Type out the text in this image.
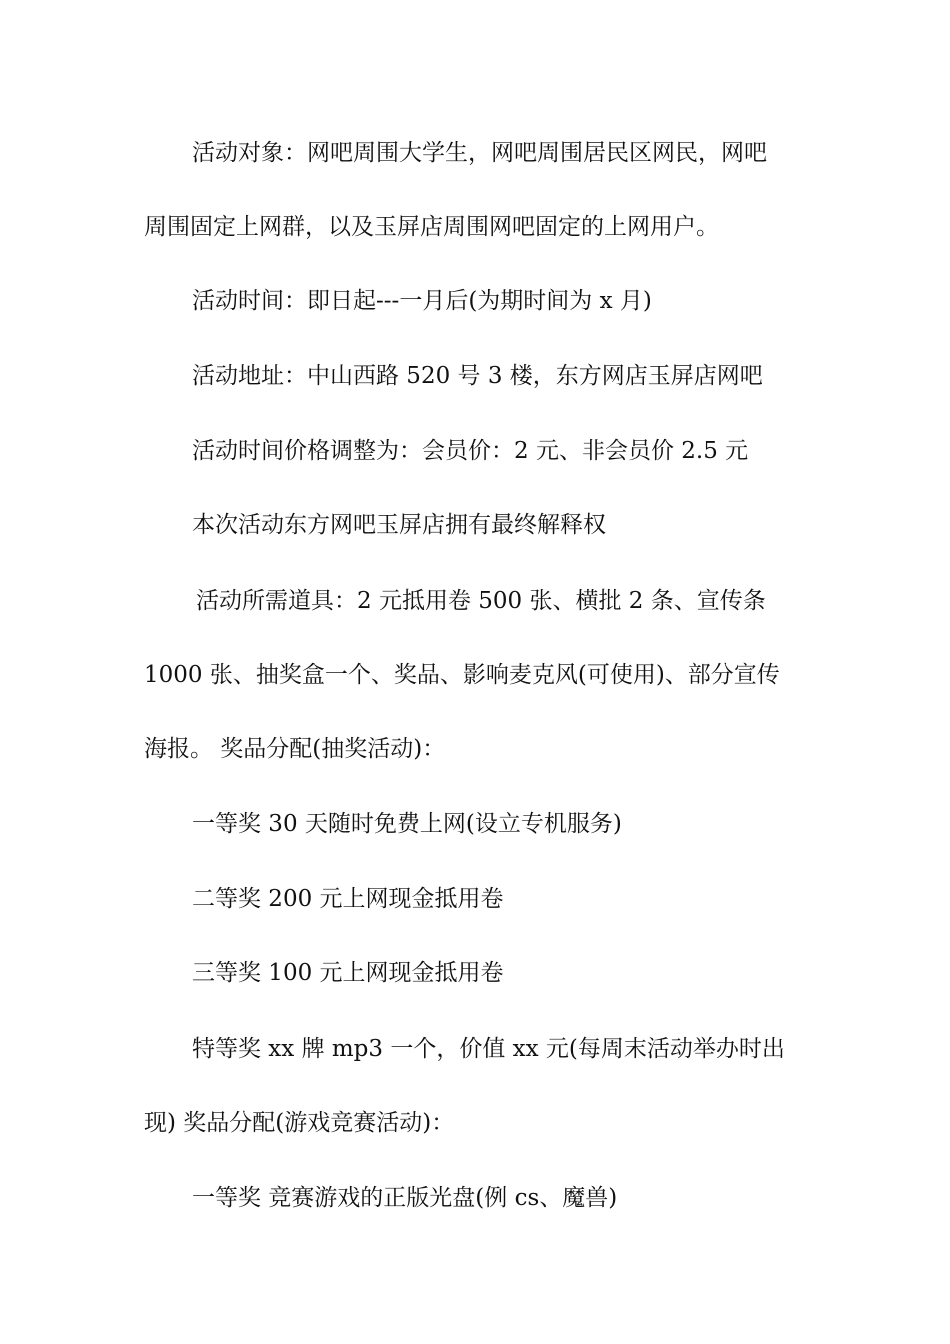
活动对象：网吧周围大学生，网吧周围居民区网民，网吧

周围固定上网群，以及玉屏店周围网吧固定的上网用户。

活动时间：即日起---一月后(为期时间为 x 月)

活动地址：中山西路 520 号 3 楼，东方网店玉屏店网吧

活动时间价格调整为：会员价：2 元、非会员价 2.5 元

本次活动东方网吧玉屏店拥有最终解释权

活动所需道具：2 元抵用卷 500 张、横批 2 条、宣传条

1000 张、抽奖盒一个、奖品、影响麦克风(可使用)、部分宣传

海报。 奖品分配(抽奖活动)：

一等奖 30 天随时免费上网(设立专机服务)

二等奖 200 元上网现金抵用卷

三等奖 100 元上网现金抵用卷

特等奖 xx 牌 mp3 一个，价值 xx 元(每周末活动举办时出

现) 奖品分配(游戏竞赛活动)：

一等奖 竞赛游戏的正版光盘(例 cs、魔兽)
